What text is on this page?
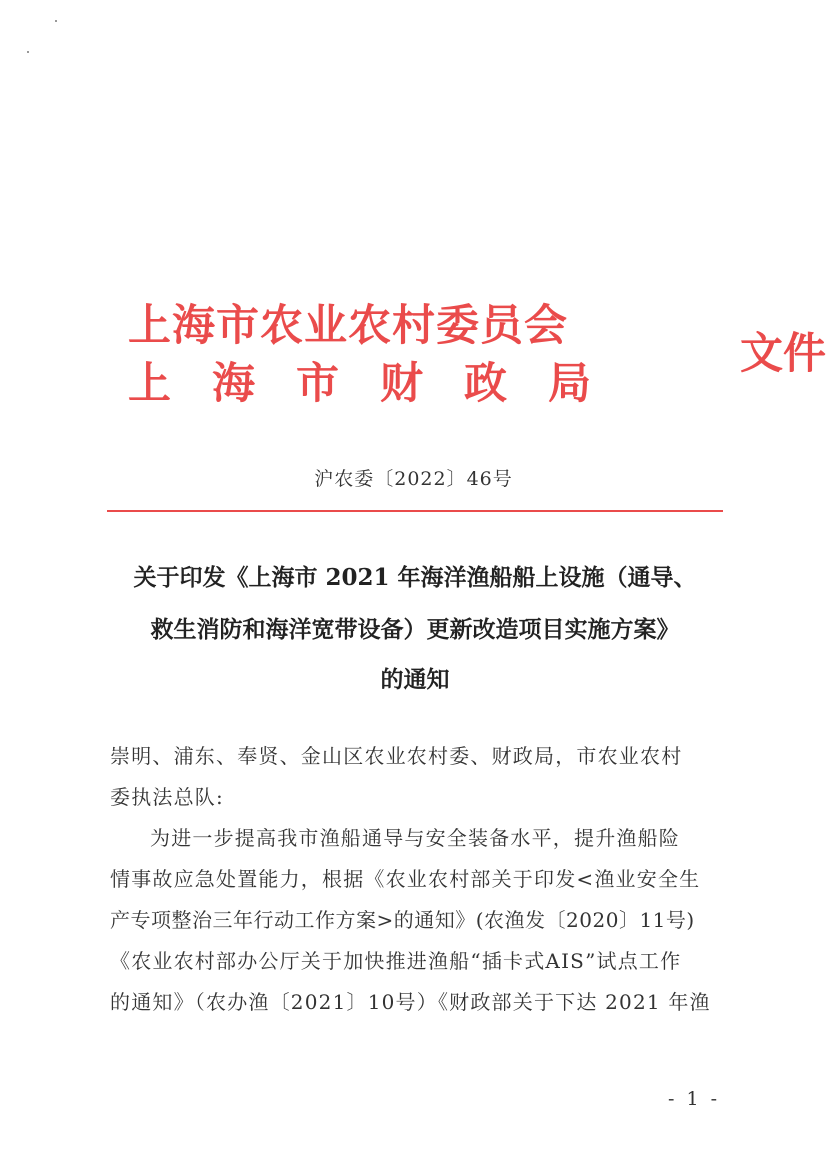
上海市农业农村委员会
上 海 市 财 政 局
文件
沪农委〔2022〕46号
关于印发《上海市 2021 年海洋渔船船上设施（通导、
救生消防和海洋宽带设备）更新改造项目实施方案》
的通知
崇明、浦东、奉贤、金山区农业农村委、财政局，市农业农村
委执法总队:
为进一步提高我市渔船通导与安全装备水平，提升渔船险
情事故应急处置能力，根据《农业农村部关于印发<渔业安全生
产专项整治三年行动工作方案>的通知》(农渔发〔2020〕11号)
《农业农村部办公厅关于加快推进渔船“插卡式AIS”试点工作
的通知》（农办渔〔2021〕10号）《财政部关于下达 2021 年渔
- 1 -
